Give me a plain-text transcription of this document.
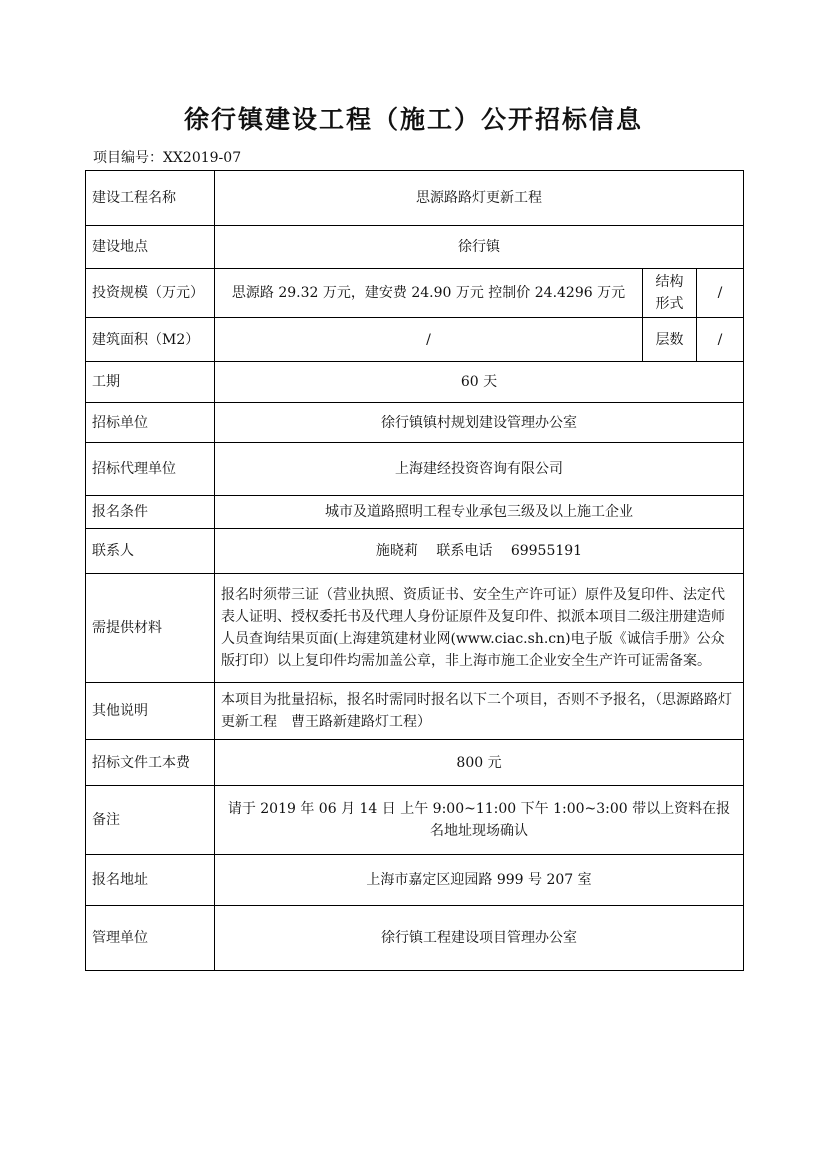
徐行镇建设工程（施工）公开招标信息
项目编号：XX2019-07
建设工程名称	思源路路灯更新工程		
建设地点	徐行镇		
投资规模（万元）	思源路 29.32 万元，建安费 24.90 万元 控制价 24.4296 万元	结构形式	/
建筑面积（M2）	/	层数	/
工期	60 天		
招标单位	徐行镇镇村规划建设管理办公室		
招标代理单位	上海建经投资咨询有限公司		
报名条件	城市及道路照明工程专业承包三级及以上施工企业		
联系人	施晓莉　 联系电话　 69955191		
需提供材料	报名时须带三证（营业执照、资质证书、安全生产许可证）原件及复印件、法定代表人证明、授权委托书及代理人身份证原件及复印件、拟派本项目二级注册建造师人员查询结果页面(上海建筑建材业网(www.ciac.sh.cn)电子版《诚信手册》公众版打印）以上复印件均需加盖公章，非上海市施工企业安全生产许可证需备案。		
其他说明	本项目为批量招标，报名时需同时报名以下二个项目，否则不予报名，（思源路路灯更新工程　曹王路新建路灯工程）		
招标文件工本费	800 元		
备注	请于 2019 年 06 月 14 日 上午 9:00~11:00 下午 1:00~3:00 带以上资料在报名地址现场确认		
报名地址	上海市嘉定区迎园路 999 号 207 室		
管理单位	徐行镇工程建设项目管理办公室		
